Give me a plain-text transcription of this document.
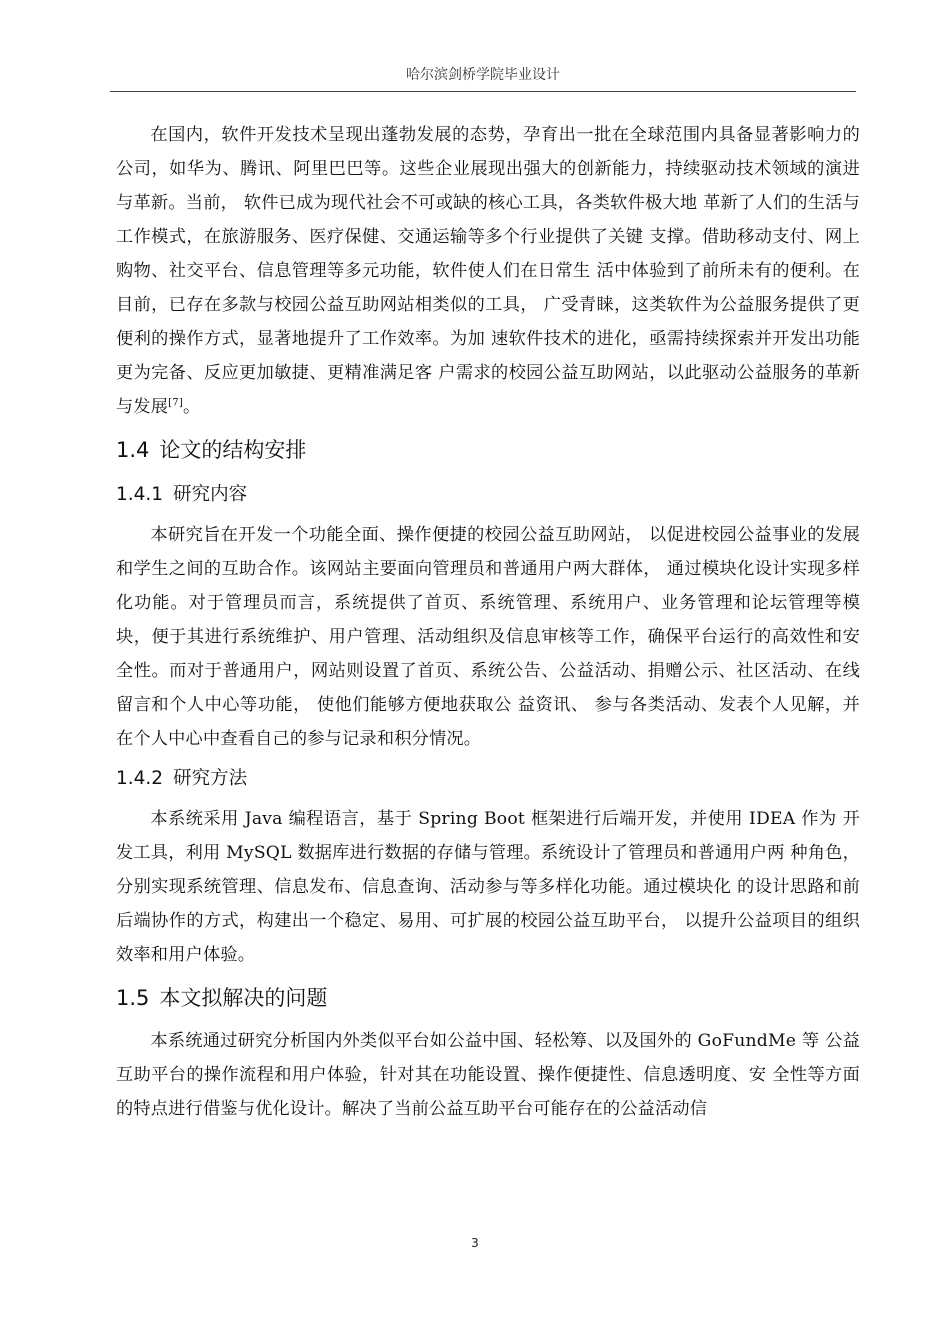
哈尔滨剑桥学院毕业设计

在国内，软件开发技术呈现出蓬勃发展的态势，孕育出一批在全球范围内具备显著影响力的公司，如华为、腾讯、阿里巴巴等。这些企业展现出强大的创新能力，持续驱动技术领域的演进与革新。当前， 软件已成为现代社会不可或缺的核心工具，各类软件极大地 革新了人们的生活与工作模式，在旅游服务、医疗保健、交通运输等多个行业提供了关键 支撑。借助移动支付、网上购物、社交平台、信息管理等多元功能，软件使人们在日常生 活中体验到了前所未有的便利。在目前，已存在多款与校园公益互助网站相类似的工具， 广受青睐，这类软件为公益服务提供了更便利的操作方式，显著地提升了工作效率。为加 速软件技术的进化，亟需持续探索并开发出功能更为完备、反应更加敏捷、更精准满足客 户需求的校园公益互助网站，以此驱动公益服务的革新与发展[7]。

1.4 论文的结构安排
1.4.1 研究内容

本研究旨在开发一个功能全面、操作便捷的校园公益互助网站， 以促进校园公益事业的发展和学生之间的互助合作。该网站主要面向管理员和普通用户两大群体， 通过模块化设计实现多样化功能。对于管理员而言，系统提供了首页、系统管理、系统用户、业务管理和论坛管理等模块，便于其进行系统维护、用户管理、活动组织及信息审核等工作，确保平台运行的高效性和安全性。而对于普通用户，网站则设置了首页、系统公告、公益活动、捐赠公示、社区活动、在线留言和个人中心等功能， 使他们能够方便地获取公 益资讯、 参与各类活动、发表个人见解，并在个人中心中查看自己的参与记录和积分情况。

1.4.2 研究方法

本系统采用 Java 编程语言，基于 Spring Boot 框架进行后端开发，并使用 IDEA 作为 开发工具，利用 MySQL 数据库进行数据的存储与管理。系统设计了管理员和普通用户两 种角色，分别实现系统管理、信息发布、信息查询、活动参与等多样化功能。通过模块化 的设计思路和前后端协作的方式，构建出一个稳定、易用、可扩展的校园公益互助平台， 以提升公益项目的组织效率和用户体验。

1.5 本文拟解决的问题

本系统通过研究分析国内外类似平台如公益中国、轻松筹、以及国外的 GoFundMe 等 公益互助平台的操作流程和用户体验，针对其在功能设置、操作便捷性、信息透明度、安 全性等方面的特点进行借鉴与优化设计。解决了当前公益互助平台可能存在的公益活动信

3
